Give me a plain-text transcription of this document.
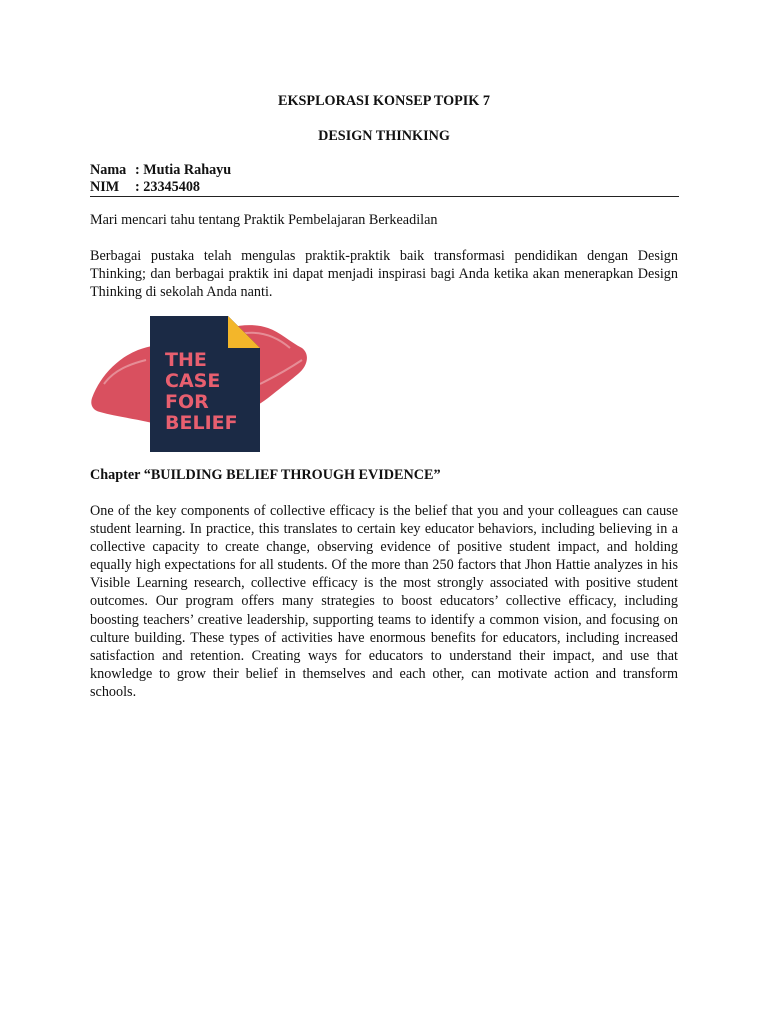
EKSPLORASI KONSEP TOPIK 7
DESIGN THINKING
Nama : Mutia Rahayu
NIM	: 23345408

Mari mencari tahu tentang Praktik Pembelajaran Berkeadilan

Berbagai pustaka telah mengulas praktik-praktik baik transformasi pendidikan dengan Design Thinking; dan berbagai praktik ini dapat menjadi inspirasi bagi Anda ketika akan menerapkan Design Thinking di sekolah Anda nanti.

THE
CASE
FOR
BELIEF

Chapter “BUILDING BELIEF THROUGH EVIDENCE”

One of the key components of collective efficacy is the belief that you and your colleagues can cause student learning. In practice, this translates to certain key educator behaviors, including believing in a collective capacity to create change, observing evidence of positive student impact, and holding equally high expectations for all students. Of the more than 250 factors that Jhon Hattie analyzes in his Visible Learning research, collective efficacy is the most strongly associated with positive student outcomes. Our program offers many strategies to boost educators’ collective efficacy, including boosting teachers’ creative leadership, supporting teams to identify a common vision, and focusing on culture building. These types of activities have enormous benefits for educators, including increased satisfaction and retention. Creating ways for educators to understand their impact, and use that knowledge to grow their belief in themselves and each other, can motivate action and transform schools.
